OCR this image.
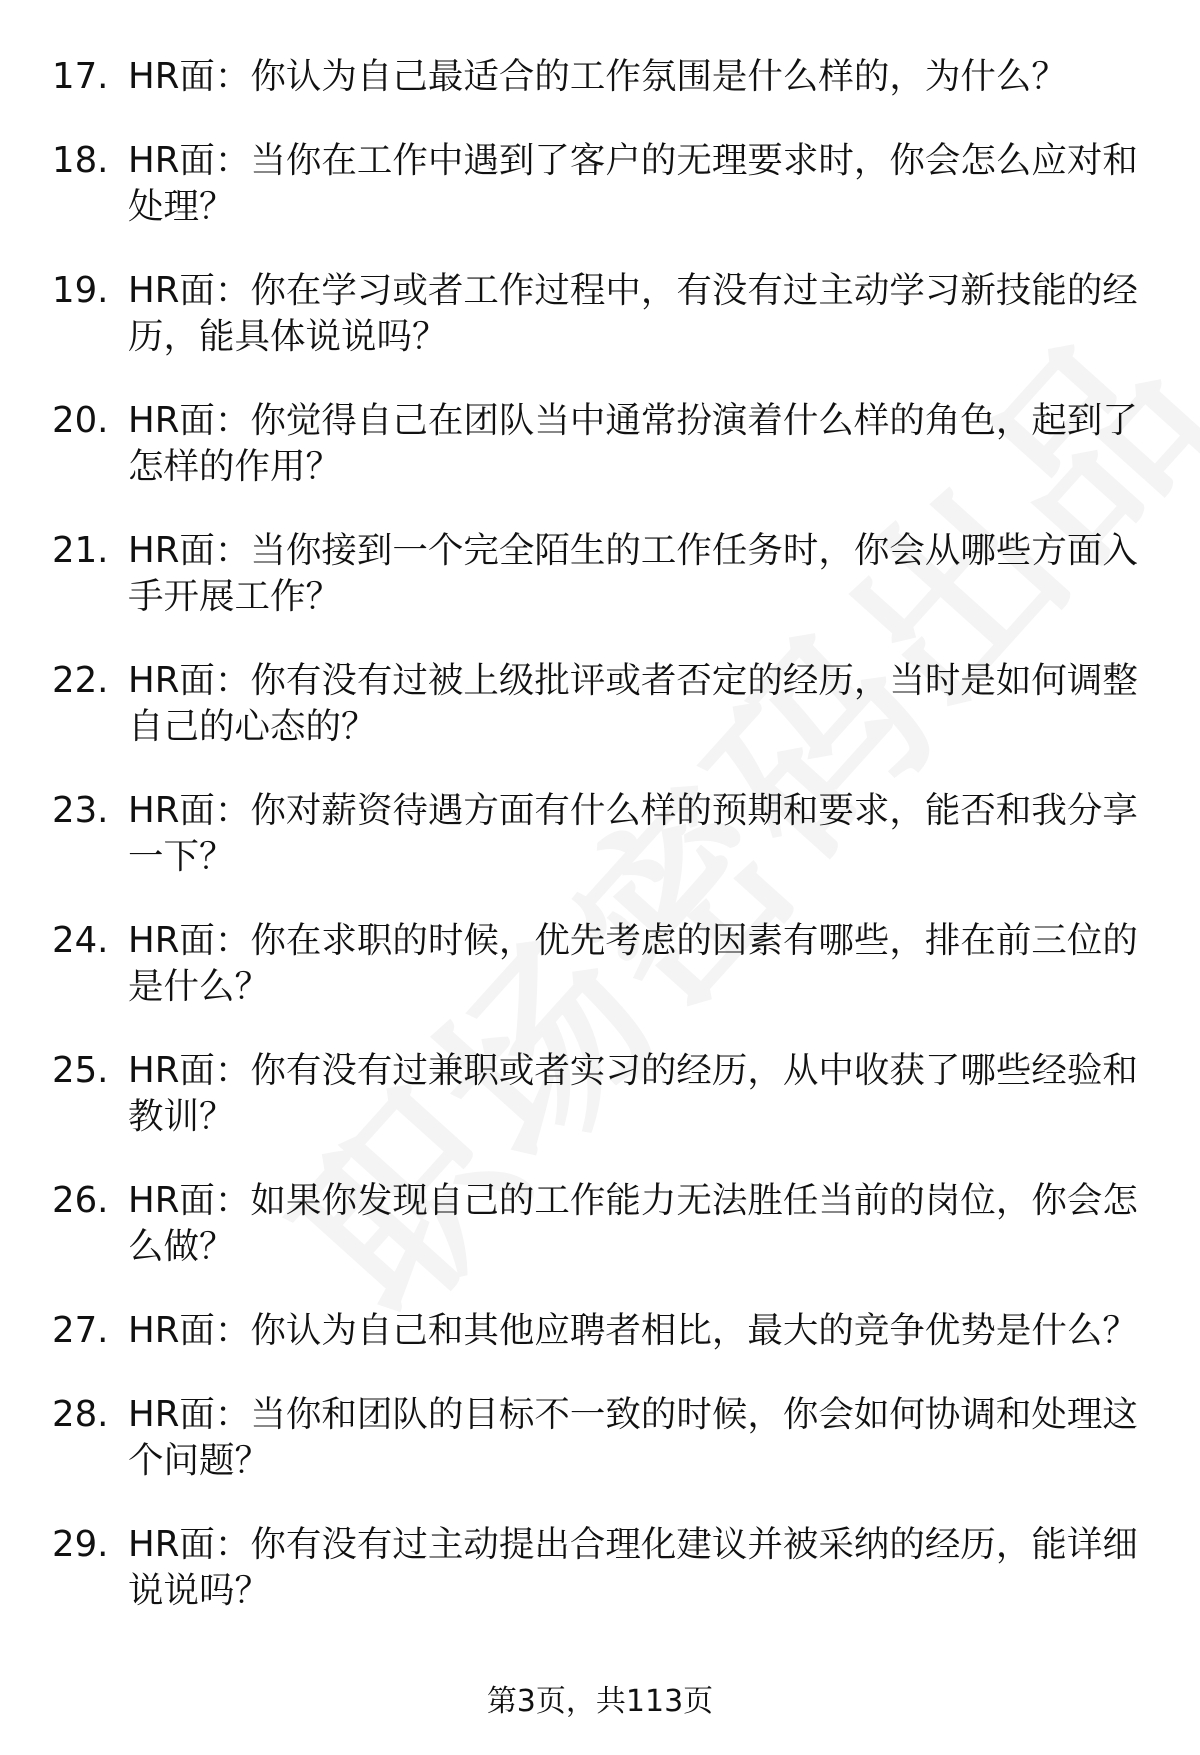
17. HR面：你认为自己最适合的工作氛围是什么样的，为什么？
18. HR面：当你在工作中遇到了客户的无理要求时，你会怎么应对和处理？
19. HR面：你在学习或者工作过程中，有没有过主动学习新技能的经历，能具体说说吗？
20. HR面：你觉得自己在团队当中通常扮演着什么样的角色，起到了怎样的作用？
21. HR面：当你接到一个完全陌生的工作任务时，你会从哪些方面入手开展工作？
22. HR面：你有没有过被上级批评或者否定的经历，当时是如何调整自己的心态的？
23. HR面：你对薪资待遇方面有什么样的预期和要求，能否和我分享一下？
24. HR面：你在求职的时候，优先考虑的因素有哪些，排在前三位的是什么？
25. HR面：你有没有过兼职或者实习的经历，从中收获了哪些经验和教训？
26. HR面：如果你发现自己的工作能力无法胜任当前的岗位，你会怎么做？
27. HR面：你认为自己和其他应聘者相比，最大的竞争优势是什么？
28. HR面：当你和团队的目标不一致的时候，你会如何协调和处理这个问题？
29. HR面：你有没有过主动提出合理化建议并被采纳的经历，能详细说说吗？
第3页，共113页
